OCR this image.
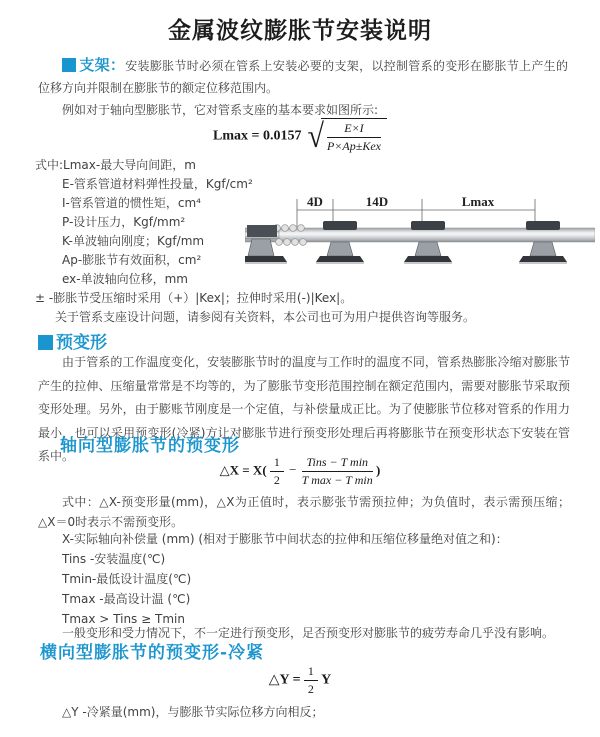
金属波纹膨胀节安装说明

支架：安装膨胀节时必须在管系上安装必要的支架，以控制管系的变形在膨胀节上产生的位移方向并限制在膨胀节的额定位移范围内。

例如对于轴向型膨胀节，它对管系支座的基本要求如图所示:

Lmax = 0.0157 √ $\frac{E\times I}{\text{P×Ap±Kex}}$
式中:Lmax-最大导向间距，m
E-管系管道材料弹性投量，Kgf/cm²
I-管系管道的惯性矩，cm⁴
P-设计压力，Kgf/mm²
K-单波轴向刚度；Kgf/mm
Ap-膨胀节有效面积，cm²
ex-单波轴向位移，mm
± -膨胀节受压缩时采用（+）|Kex|；拉伸时采用(-)|Kex|。
关于管系支座设计问题，请参阅有关资料，本公司也可为用户提供咨询等服务。
4D	14D	Lmax
预变形

由于管系的工作温度变化，安装膨胀节时的温度与工作时的温度不同，管系热膨胀冷缩对膨胀节产生的拉伸、压缩量常常是不均等的，为了膨胀节变形范围控制在额定范围内，需要对膨胀节采取预变形处理。另外，由于膨账节刚度是一个定值，与补偿量成正比。为了使膨胀节位移对管系的作用力最小，也可以采用预变形(冷紧)方让对膨胀节进行预变形处理后再将膨胀节在预变形状态下安装在管系中。

轴向型膨胀节的预变形
△X = $X( \frac{1}{2} - \frac{\text{Tins − T min}}{\text{T max − T min}}$ )

式中：△X-预变形量(mm)，△X为正值时，表示膨张节需预拉伸；为负值时，表示需预压缩；△X＝0时表示不需预变形。

X-实际轴向补偿量 (mm) (相对于膨胀节中间状态的拉伸和压缩位移量绝对值之和)：
Tins -安装温度(℃)
Tmin-最低设计温度(℃)
Tmax -最高设计温 (℃)
Tmax > Tins ≥ Tmin
一般变形和受力情况下，不一定进行预变形，足否预变形对膨胀节的疲劳寿命几乎没有影响。
横向型膨胀节的预变形-冷紧
△Y = $\frac{1}{2}$ Y
△Y -冷紧量(mm)，与膨胀节实际位移方向相反；
